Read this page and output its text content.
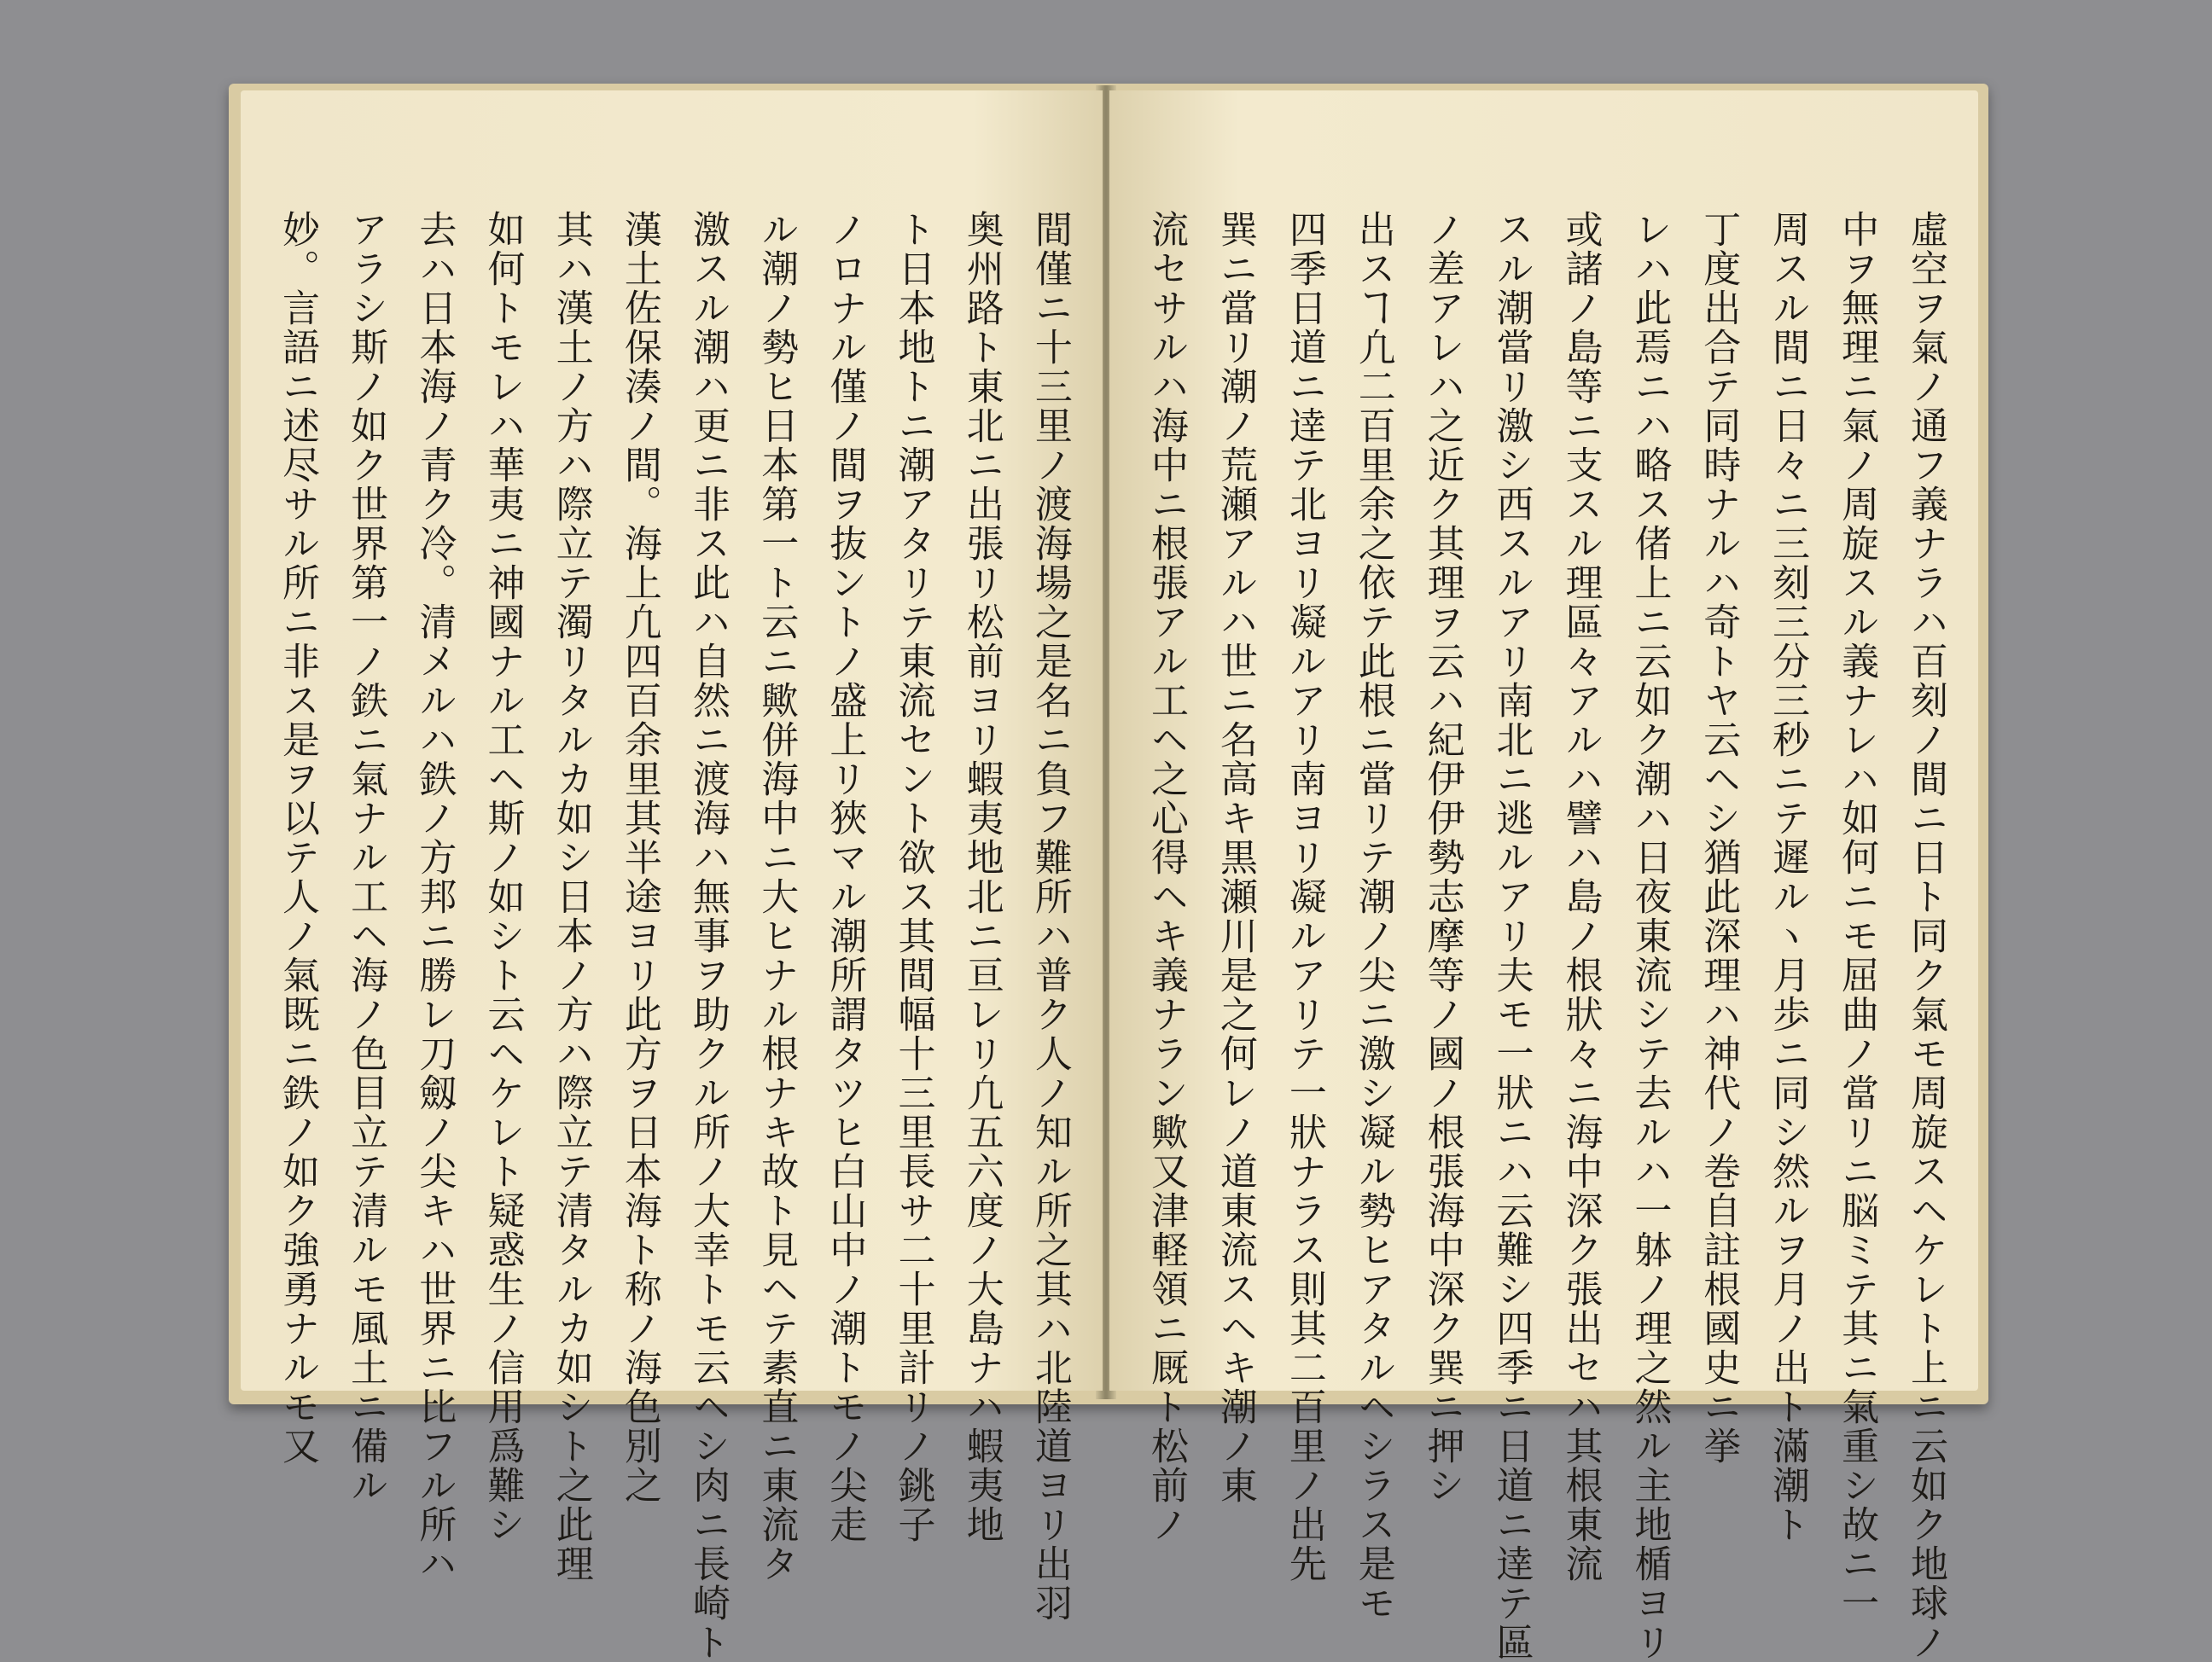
間僅ニ十三里ノ渡海場之是名ニ負フ難所ハ普ク人ノ知ル所之其ハ北陸道ヨリ出羽
奥州路ト東北ニ出張リ松前ヨリ蝦夷地北ニ亘レリ凢五六度ノ大島ナハ蝦夷地
ト日本地トニ潮アタリテ東流セント欲ス其間幅十三里長サ二十里計リノ銚子
ノロナル僅ノ間ヲ抜ントノ盛上リ狹マル潮所謂タツヒ白山中ノ潮トモノ尖走
ル潮ノ勢ヒ日本第一ト云ニ歟併海中ニ大ヒナル根ナキ故ト見ヘテ素直ニ東流タ
激スル潮ハ更ニ非ス此ハ自然ニ渡海ハ無事ヲ助クル所ノ大幸トモ云ヘシ肉ニ長崎ト
漢土佐保湊ノ間。海上凢四百余里其半途ヨリ此方ヲ日本海ト称ノ海色別之
其ハ漢土ノ方ハ際立テ濁リタルカ如シ日本ノ方ハ際立テ清タルカ如シト之此理
如何トモレハ華夷ニ神國ナル工ヘ斯ノ如シト云ヘケレト疑惑生ノ信用爲難シ
去ハ日本海ノ青ク冷。清メルハ鉄ノ方邦ニ勝レ刀劔ノ尖キハ世界ニ比フル所ハ
アラシ斯ノ如ク世界第一ノ鉄ニ氣ナル工ヘ海ノ色目立テ清ルモ風土ニ備ル
妙。言語ニ述尽サル所ニ非ス是ヲ以テ人ノ氣既ニ鉄ノ如ク強勇ナルモ又	虛空ヲ氣ノ通フ義ナラハ百刻ノ間ニ日ト同ク氣モ周旋スヘケレト上ニ云如ク地球ノ
中ヲ無理ニ氣ノ周旋スル義ナレハ如何ニモ屈曲ノ當リニ脳ミテ其ニ氣重シ故ニ一
周スル間ニ日々ニ三刻三分三秒ニテ遲ルヽ月歩ニ同シ然ルヲ月ノ出ト滿潮ト
丁度出合テ同時ナルハ奇トヤ云ヘシ猶此深理ハ神代ノ巻自註根國史ニ挙
レハ此焉ニハ略ス偖上ニ云如ク潮ハ日夜東流シテ去ルハ一躰ノ理之然ル主地楯ヨリ
或諸ノ島等ニ支スル理區々アルハ譬ハ島ノ根狀々ニ海中深ク張出セハ其根東流
スル潮當リ激シ西スルアリ南北ニ逃ルアリ夫モ一狀ニハ云難シ四季ニ日道ニ逹テ區
ノ差アレハ之近ク其理ヲ云ハ紀伊伊勢志摩等ノ國ノ根張海中深ク巽ニ押シ
出スヿ凢二百里余之依テ此根ニ當リテ潮ノ尖ニ激シ凝ル勢ヒアタルヘシラス是モ
四季日道ニ逹テ北ヨリ凝ルアリ南ヨリ凝ルアリテ一狀ナラス則其二百里ノ出先
巽ニ當リ潮ノ荒瀬アルハ世ニ名高キ黒瀬川是之何レノ道東流スヘキ潮ノ東
流セサルハ海中ニ根張アル工ヘ之心得ヘキ義ナラン歟又津軽領ニ厩ト松前ノ
